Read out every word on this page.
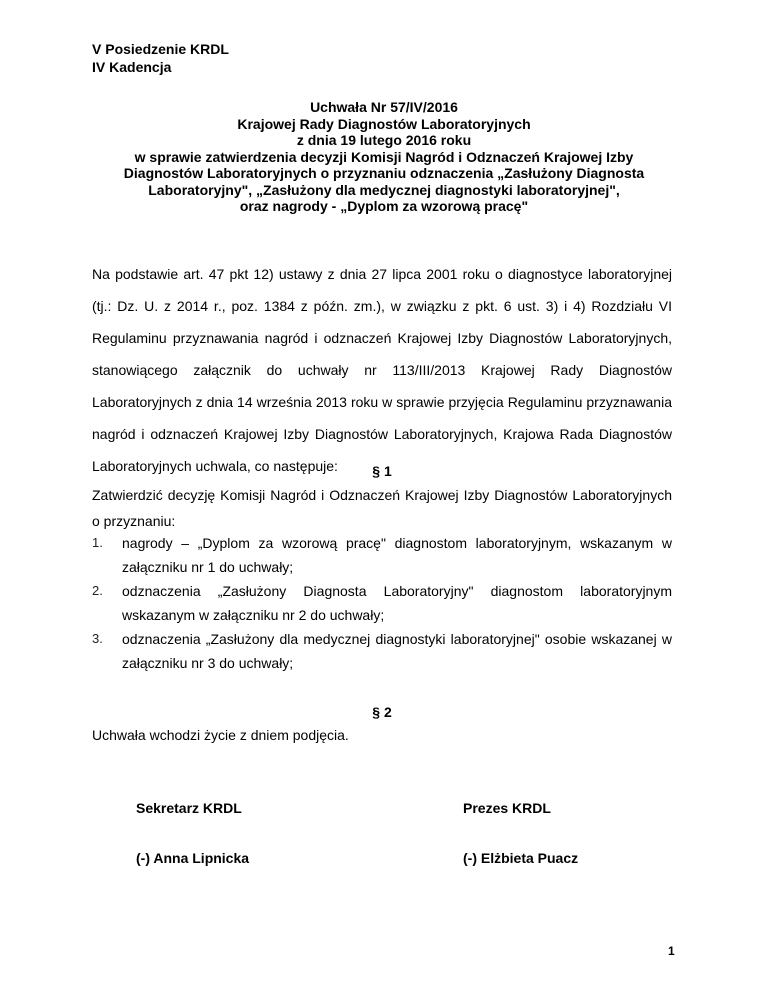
V Posiedzenie KRDL
IV Kadencja
Uchwała Nr 57/IV/2016
Krajowej Rady Diagnostów Laboratoryjnych
z dnia 19 lutego 2016 roku
w sprawie zatwierdzenia decyzji Komisji Nagród i Odznaczeń Krajowej Izby
Diagnostów Laboratoryjnych o przyznaniu odznaczenia „Zasłużony Diagnosta
Laboratoryjny", „Zasłużony dla medycznej diagnostyki laboratoryjnej",
oraz nagrody - „Dyplom za wzorową pracę"
Na podstawie art. 47 pkt 12) ustawy z dnia 27 lipca 2001 roku o diagnostyce laboratoryjnej (tj.: Dz. U. z 2014 r., poz. 1384 z późn. zm.), w związku z pkt. 6 ust. 3) i 4) Rozdziału VI Regulaminu przyznawania nagród i odznaczeń Krajowej Izby Diagnostów Laboratoryjnych, stanowiącego załącznik do uchwały nr 113/III/2013 Krajowej Rady Diagnostów Laboratoryjnych z dnia 14 września 2013 roku w sprawie przyjęcia Regulaminu przyznawania nagród i odznaczeń Krajowej Izby Diagnostów Laboratoryjnych, Krajowa Rada Diagnostów Laboratoryjnych uchwala, co następuje:	§ 1
Zatwierdzić decyzję Komisji Nagród i Odznaczeń Krajowej Izby Diagnostów Laboratoryjnych o przyznaniu:
1. nagrody – „Dyplom za wzorową pracę" diagnostom laboratoryjnym, wskazanym w załączniku nr 1 do uchwały;
2. odznaczenia „Zasłużony Diagnosta Laboratoryjny" diagnostom laboratoryjnym wskazanym w załączniku nr 2 do uchwały;
3. odznaczenia „Zasłużony dla medycznej diagnostyki laboratoryjnej" osobie wskazanej w załączniku nr 3 do uchwały;
§ 2
Uchwała wchodzi życie z dniem podjęcia.
Sekretarz KRDL	Prezes KRDL
(-) Anna Lipnicka	(-) Elżbieta Puacz
1
